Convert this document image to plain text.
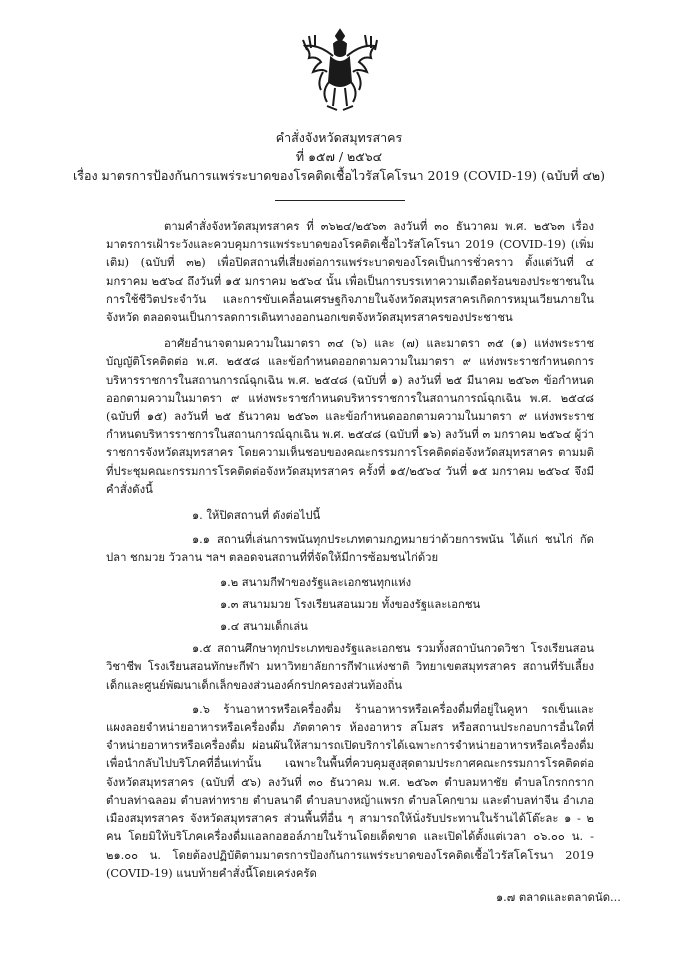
คำสั่งจังหวัดสมุทรสาคร
ที่ ๑๕๗ / ๒๕๖๔
เรื่อง มาตรการป้องกันการแพร่ระบาดของโรคติดเชื้อไวรัสโคโรนา 2019 (COVID-19) (ฉบับที่ ๔๒)

ตามคำสั่งจังหวัดสมุทรสาคร ที่ ๓๖๒๔/๒๕๖๓ ลงวันที่ ๓๐ ธันวาคม พ.ศ. ๒๕๖๓ เรื่อง มาตรการเฝ้าระวังและควบคุมการแพร่ระบาดของโรคติดเชื้อไวรัสโคโรนา 2019 (COVID-19) (เพิ่มเติม) (ฉบับที่ ๓๒) เพื่อปิดสถานที่เสี่ยงต่อการแพร่ระบาดของโรคเป็นการชั่วคราว ตั้งแต่วันที่ ๔ มกราคม ๒๕๖๔ ถึงวันที่ ๑๕ มกราคม ๒๕๖๔ นั้น เพื่อเป็นการบรรเทาความเดือดร้อนของประชาชนในการใช้ชีวิตประจำวัน และการขับเคลื่อนเศรษฐกิจภายในจังหวัดสมุทรสาครเกิดการหมุนเวียนภายในจังหวัด ตลอดจนเป็นการลดการเดินทางออกนอกเขตจังหวัดสมุทรสาครของประชาชน

อาศัยอำนาจตามความในมาตรา ๓๔ (๖) และ (๗) และมาตรา ๓๕ (๑) แห่งพระราชบัญญัติโรคติดต่อ พ.ศ. ๒๕๕๘ และข้อกำหนดออกตามความในมาตรา ๙ แห่งพระราชกำหนดการบริหารราชการในสถานการณ์ฉุกเฉิน พ.ศ. ๒๕๔๘ (ฉบับที่ ๑) ลงวันที่ ๒๕ มีนาคม ๒๕๖๓ ข้อกำหนดออกตามความในมาตรา ๙ แห่งพระราชกำหนดบริหารราชการในสถานการณ์ฉุกเฉิน พ.ศ. ๒๕๔๘ (ฉบับที่ ๑๕) ลงวันที่ ๒๕ ธันวาคม ๒๕๖๓ และข้อกำหนดออกตามความในมาตรา ๙ แห่งพระราชกำหนดบริหารราชการในสถานการณ์ฉุกเฉิน พ.ศ. ๒๕๔๘ (ฉบับที่ ๑๖) ลงวันที่ ๓ มกราคม ๒๕๖๔ ผู้ว่าราชการจังหวัดสมุทรสาคร โดยความเห็นชอบของคณะกรรมการโรคติดต่อจังหวัดสมุทรสาคร ตามมติที่ประชุมคณะกรรมการโรคติดต่อจังหวัดสมุทรสาคร ครั้งที่ ๑๕/๒๕๖๔ วันที่ ๑๕ มกราคม ๒๕๖๔ จึงมีคำสั่งดังนี้

๑. ให้ปิดสถานที่ ดังต่อไปนี้

๑.๑ สถานที่เล่นการพนันทุกประเภทตามกฎหมายว่าด้วยการพนัน ได้แก่ ชนไก่ กัดปลา ชกมวย วัวลาน ฯลฯ ตลอดจนสถานที่ที่จัดให้มีการซ้อมชนไก่ด้วย

๑.๒ สนามกีฬาของรัฐและเอกชนทุกแห่ง

๑.๓ สนามมวย โรงเรียนสอนมวย ทั้งของรัฐและเอกชน

๑.๔ สนามเด็กเล่น

๑.๕ สถานศึกษาทุกประเภทของรัฐและเอกชน รวมทั้งสถาบันกวดวิชา โรงเรียนสอนวิชาชีพ โรงเรียนสอนทักษะกีฬา มหาวิทยาลัยการกีฬาแห่งชาติ วิทยาเขตสมุทรสาคร สถานที่รับเลี้ยงเด็กและศูนย์พัฒนาเด็กเล็กของส่วนองค์กรปกครองส่วนท้องถิ่น

๑.๖ ร้านอาหารหรือเครื่องดื่ม ร้านอาหารหรือเครื่องดื่มที่อยู่ในคูหา รถเข็นและแผงลอยจำหน่ายอาหารหรือเครื่องดื่ม ภัตตาคาร ห้องอาหาร สโมสร หรือสถานประกอบการอื่นใดที่จำหน่ายอาหารหรือเครื่องดื่ม ผ่อนผันให้สามารถเปิดบริการได้เฉพาะการจำหน่ายอาหารหรือเครื่องดื่มเพื่อนำกลับไปบริโภคที่อื่นเท่านั้น เฉพาะในพื้นที่ควบคุมสูงสุดตามประกาศคณะกรรมการโรคติดต่อจังหวัดสมุทรสาคร (ฉบับที่ ๕๖) ลงวันที่ ๓๐ ธันวาคม พ.ศ. ๒๕๖๓ ตำบลมหาชัย ตำบลโกรกกราก ตำบลท่าฉลอม ตำบลท่าทราย ตำบลนาดี ตำบลบางหญ้าแพรก ตำบลโคกขาม และตำบลท่าจีน อำเภอเมืองสมุทรสาคร จังหวัดสมุทรสาคร ส่วนพื้นที่อื่น ๆ สามารถให้นั่งรับประทานในร้านได้โต๊ะละ ๑ - ๒ คน โดยมิให้บริโภคเครื่องดื่มแอลกอฮอล์ภายในร้านโดยเด็ดขาด และเปิดได้ตั้งแต่เวลา ๐๖.๐๐ น. - ๒๑.๐๐ น. โดยต้องปฏิบัติตามมาตรการป้องกันการแพร่ระบาดของโรคติดเชื้อไวรัสโคโรนา 2019 (COVID-19) แนบท้ายคำสั่งนี้โดยเคร่งครัด

๑.๗ ตลาดและตลาดนัด...
